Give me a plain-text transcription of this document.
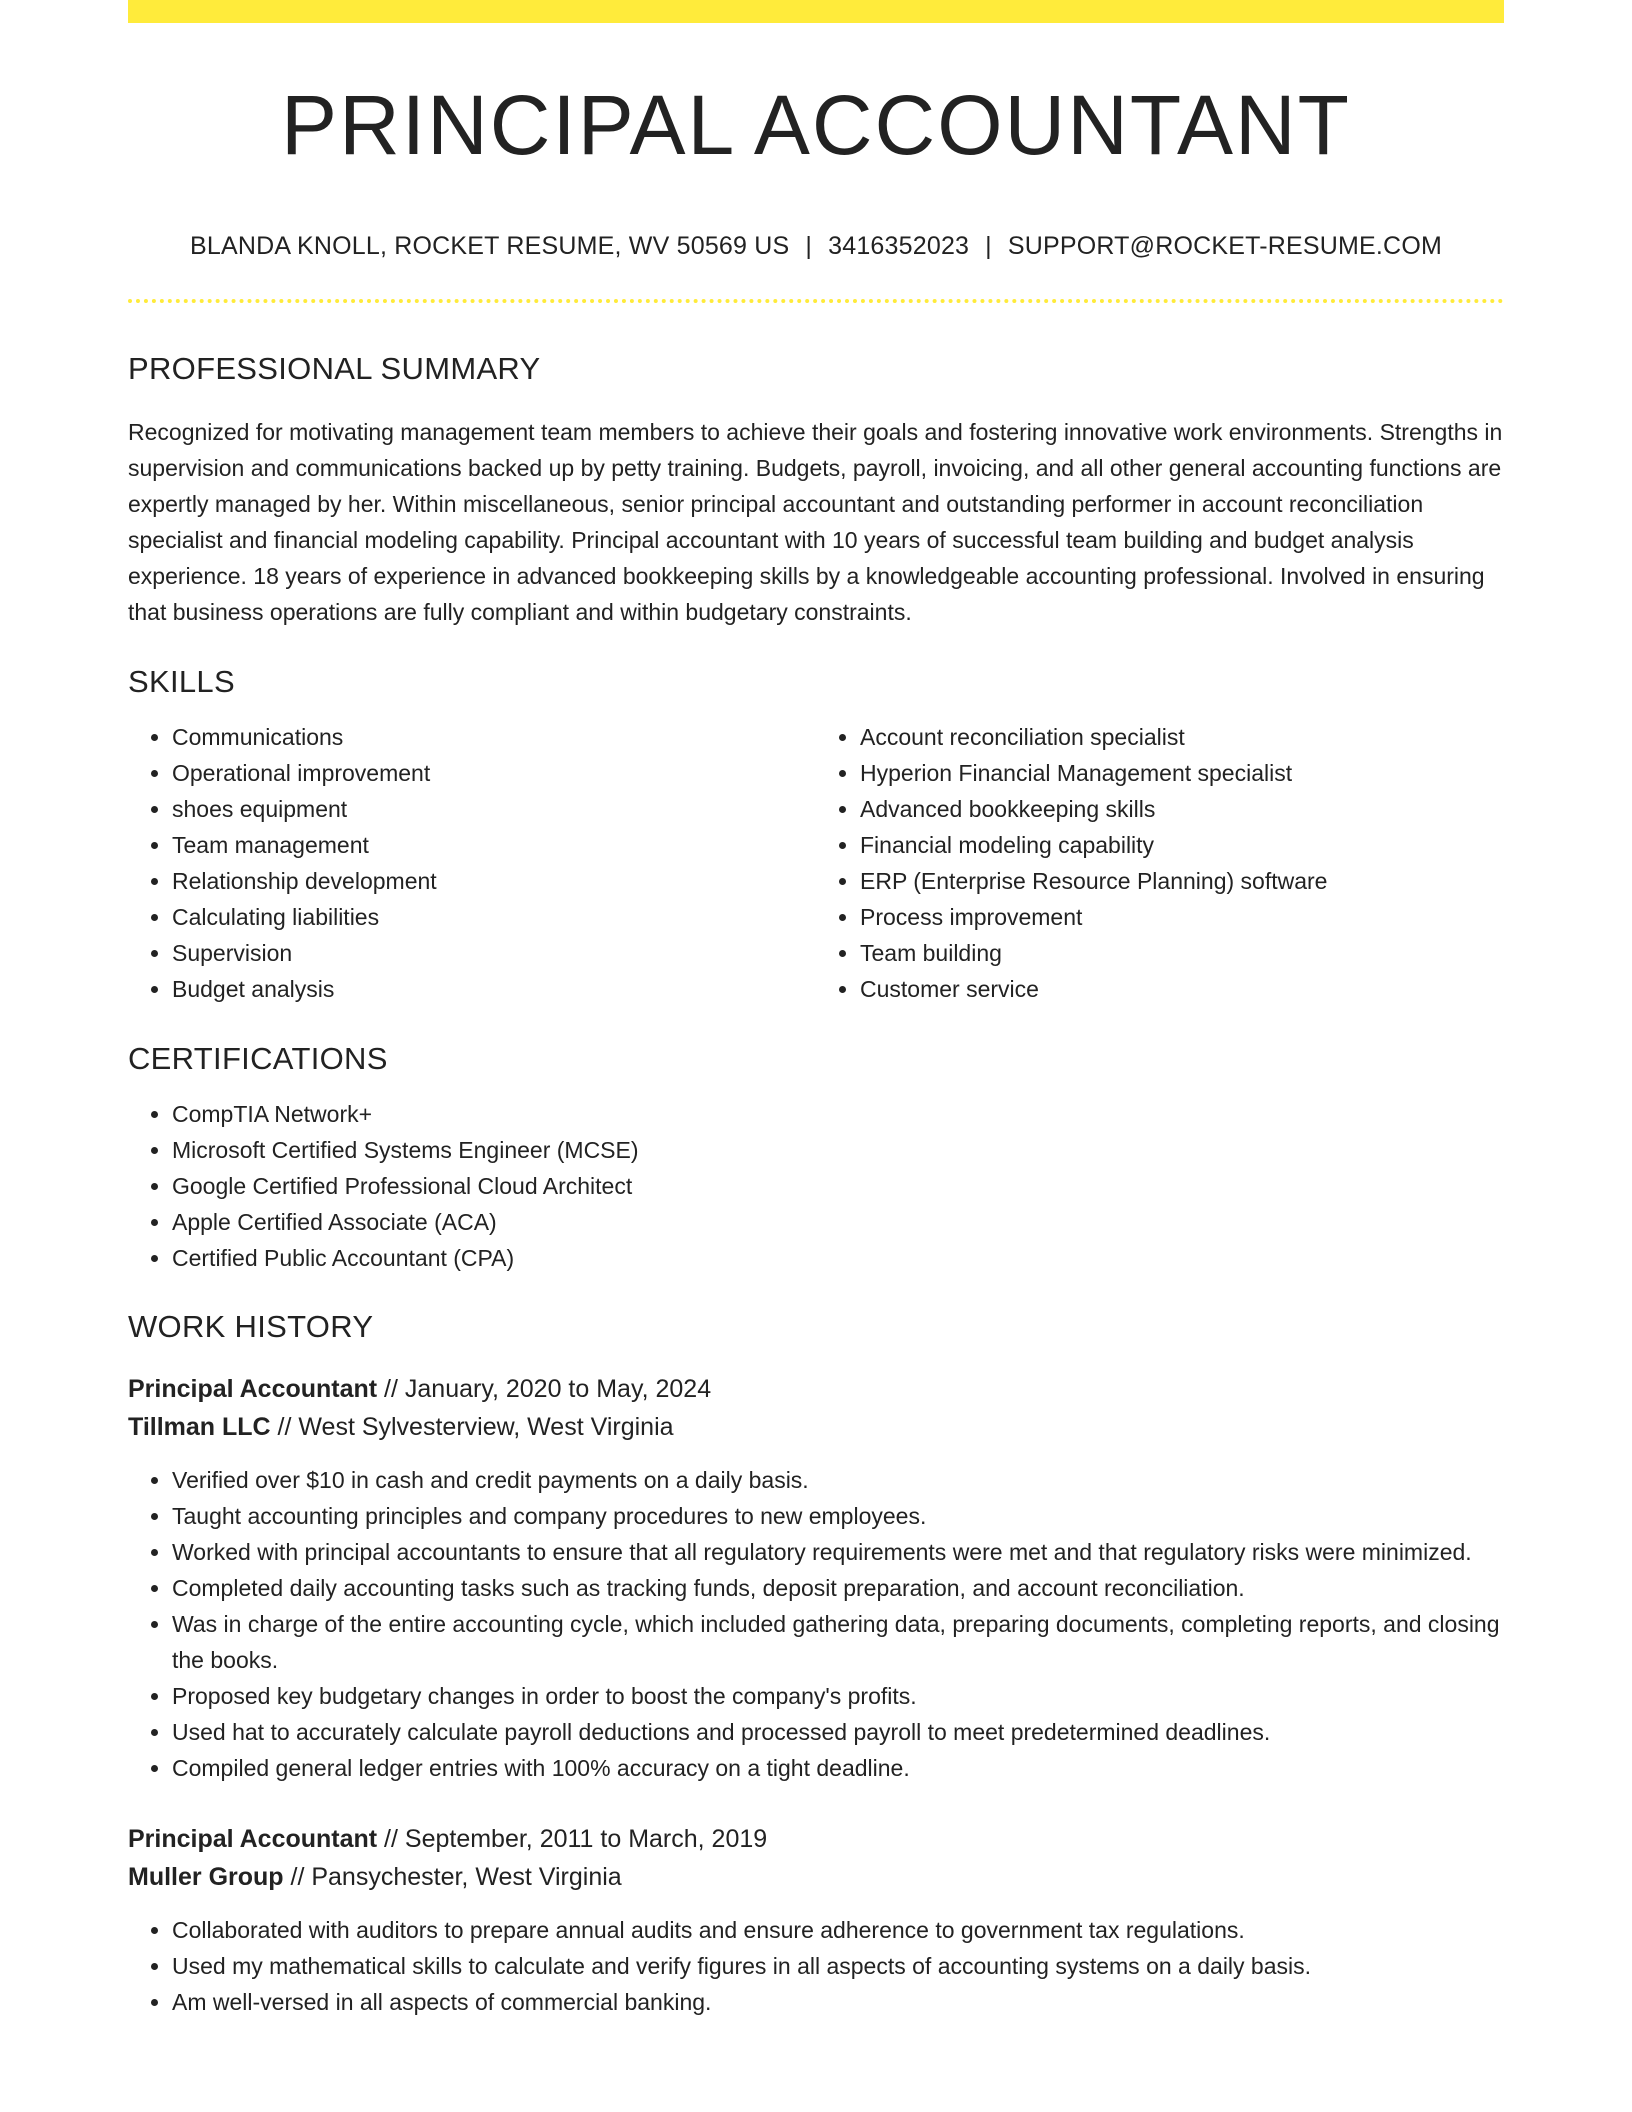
PRINCIPAL ACCOUNTANT
BLANDA KNOLL, ROCKET RESUME, WV 50569 US | 3416352023 | SUPPORT@ROCKET-RESUME.COM
PROFESSIONAL SUMMARY

Recognized for motivating management team members to achieve their goals and fostering innovative work environments. Strengths in supervision and communications backed up by petty training. Budgets, payroll, invoicing, and all other general accounting functions are expertly managed by her. Within miscellaneous, senior principal accountant and outstanding performer in account reconciliation specialist and financial modeling capability. Principal accountant with 10 years of successful team building and budget analysis experience. 18 years of experience in advanced bookkeeping skills by a knowledgeable accounting professional. Involved in ensuring that business operations are fully compliant and within budgetary constraints.

SKILLS
• Communications
• Operational improvement
• shoes equipment
• Team management
• Relationship development
• Calculating liabilities
• Supervision
• Budget analysis
• Account reconciliation specialist
• Hyperion Financial Management specialist
• Advanced bookkeeping skills
• Financial modeling capability
• ERP (Enterprise Resource Planning) software
• Process improvement
• Team building
• Customer service
CERTIFICATIONS
• CompTIA Network+
• Microsoft Certified Systems Engineer (MCSE)
• Google Certified Professional Cloud Architect
• Apple Certified Associate (ACA)
• Certified Public Accountant (CPA)
WORK HISTORY
Principal Accountant // January, 2020 to May, 2024
Tillman LLC // West Sylvesterview, West Virginia
• Verified over $10 in cash and credit payments on a daily basis.
• Taught accounting principles and company procedures to new employees.
• Worked with principal accountants to ensure that all regulatory requirements were met and that regulatory risks were minimized.
• Completed daily accounting tasks such as tracking funds, deposit preparation, and account reconciliation.
• Was in charge of the entire accounting cycle, which included gathering data, preparing documents, completing reports, and closing the books.
• Proposed key budgetary changes in order to boost the company's profits.
• Used hat to accurately calculate payroll deductions and processed payroll to meet predetermined deadlines.
• Compiled general ledger entries with 100% accuracy on a tight deadline.
Principal Accountant // September, 2011 to March, 2019
Muller Group // Pansychester, West Virginia
• Collaborated with auditors to prepare annual audits and ensure adherence to government tax regulations.
• Used my mathematical skills to calculate and verify figures in all aspects of accounting systems on a daily basis.
• Am well-versed in all aspects of commercial banking.
